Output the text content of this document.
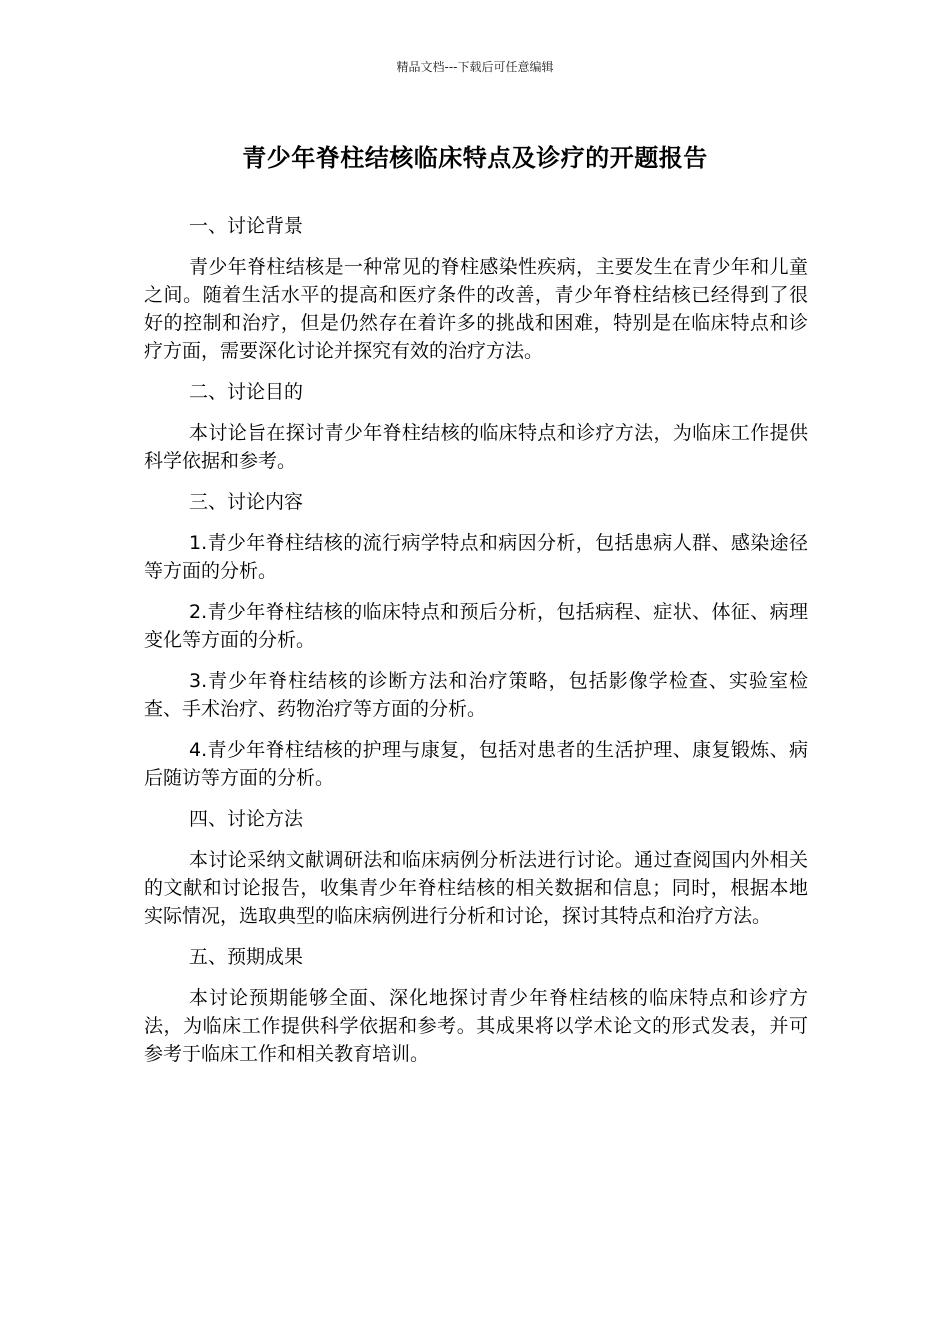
精品文档---下载后可任意编辑
青少年脊柱结核临床特点及诊疗的开题报告

一、讨论背景

青少年脊柱结核是一种常见的脊柱感染性疾病，主要发生在青少年和儿童之间。随着生活水平的提高和医疗条件的改善，青少年脊柱结核已经得到了很好的控制和治疗，但是仍然存在着许多的挑战和困难，特别是在临床特点和诊疗方面，需要深化讨论并探究有效的治疗方法。

二、讨论目的

本讨论旨在探讨青少年脊柱结核的临床特点和诊疗方法，为临床工作提供科学依据和参考。

三、讨论内容

1.青少年脊柱结核的流行病学特点和病因分析，包括患病人群、感染途径等方面的分析。

2.青少年脊柱结核的临床特点和预后分析，包括病程、症状、体征、病理变化等方面的分析。

3.青少年脊柱结核的诊断方法和治疗策略，包括影像学检查、实验室检查、手术治疗、药物治疗等方面的分析。

4.青少年脊柱结核的护理与康复，包括对患者的生活护理、康复锻炼、病后随访等方面的分析。

四、讨论方法

本讨论采纳文献调研法和临床病例分析法进行讨论。通过查阅国内外相关的文献和讨论报告，收集青少年脊柱结核的相关数据和信息；同时，根据本地实际情况，选取典型的临床病例进行分析和讨论，探讨其特点和治疗方法。

五、预期成果

本讨论预期能够全面、深化地探讨青少年脊柱结核的临床特点和诊疗方法，为临床工作提供科学依据和参考。其成果将以学术论文的形式发表，并可参考于临床工作和相关教育培训。
